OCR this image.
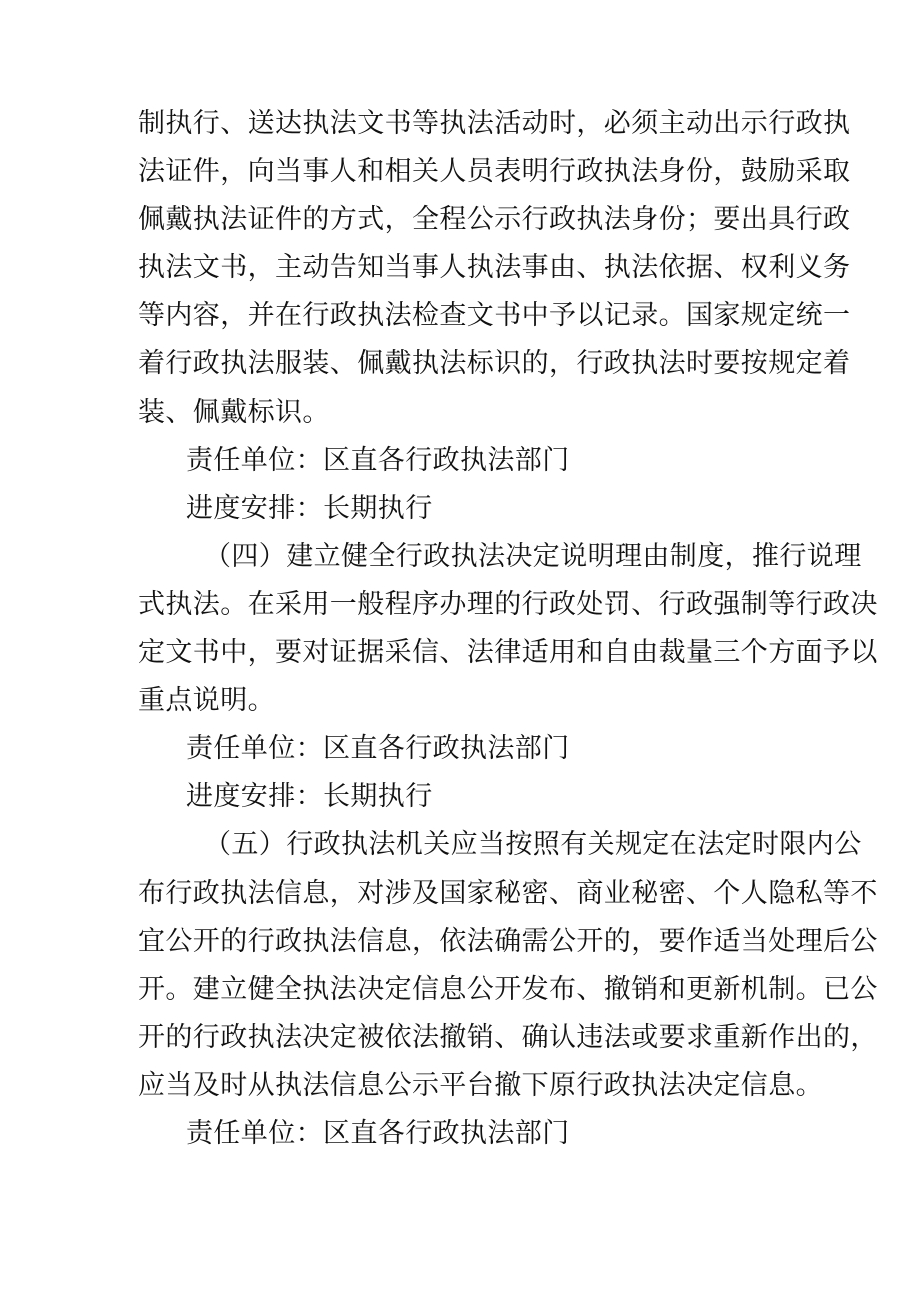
制执行、送达执法文书等执法活动时，必须主动出示行政执
法证件，向当事人和相关人员表明行政执法身份，鼓励采取
佩戴执法证件的方式，全程公示行政执法身份；要出具行政
执法文书，主动告知当事人执法事由、执法依据、权利义务
等内容，并在行政执法检查文书中予以记录。国家规定统一
着行政执法服装、佩戴执法标识的，行政执法时要按规定着
装、佩戴标识。
责任单位：区直各行政执法部门
进度安排：长期执行
（四）建立健全行政执法决定说明理由制度，推行说理
式执法。在采用一般程序办理的行政处罚、行政强制等行政决
定文书中，要对证据采信、法律适用和自由裁量三个方面予以
重点说明。
责任单位：区直各行政执法部门
进度安排：长期执行
（五）行政执法机关应当按照有关规定在法定时限内公
布行政执法信息，对涉及国家秘密、商业秘密、个人隐私等不
宜公开的行政执法信息，依法确需公开的，要作适当处理后公
开。建立健全执法决定信息公开发布、撤销和更新机制。已公
开的行政执法决定被依法撤销、确认违法或要求重新作出的，
应当及时从执法信息公示平台撤下原行政执法决定信息。
责任单位：区直各行政执法部门
